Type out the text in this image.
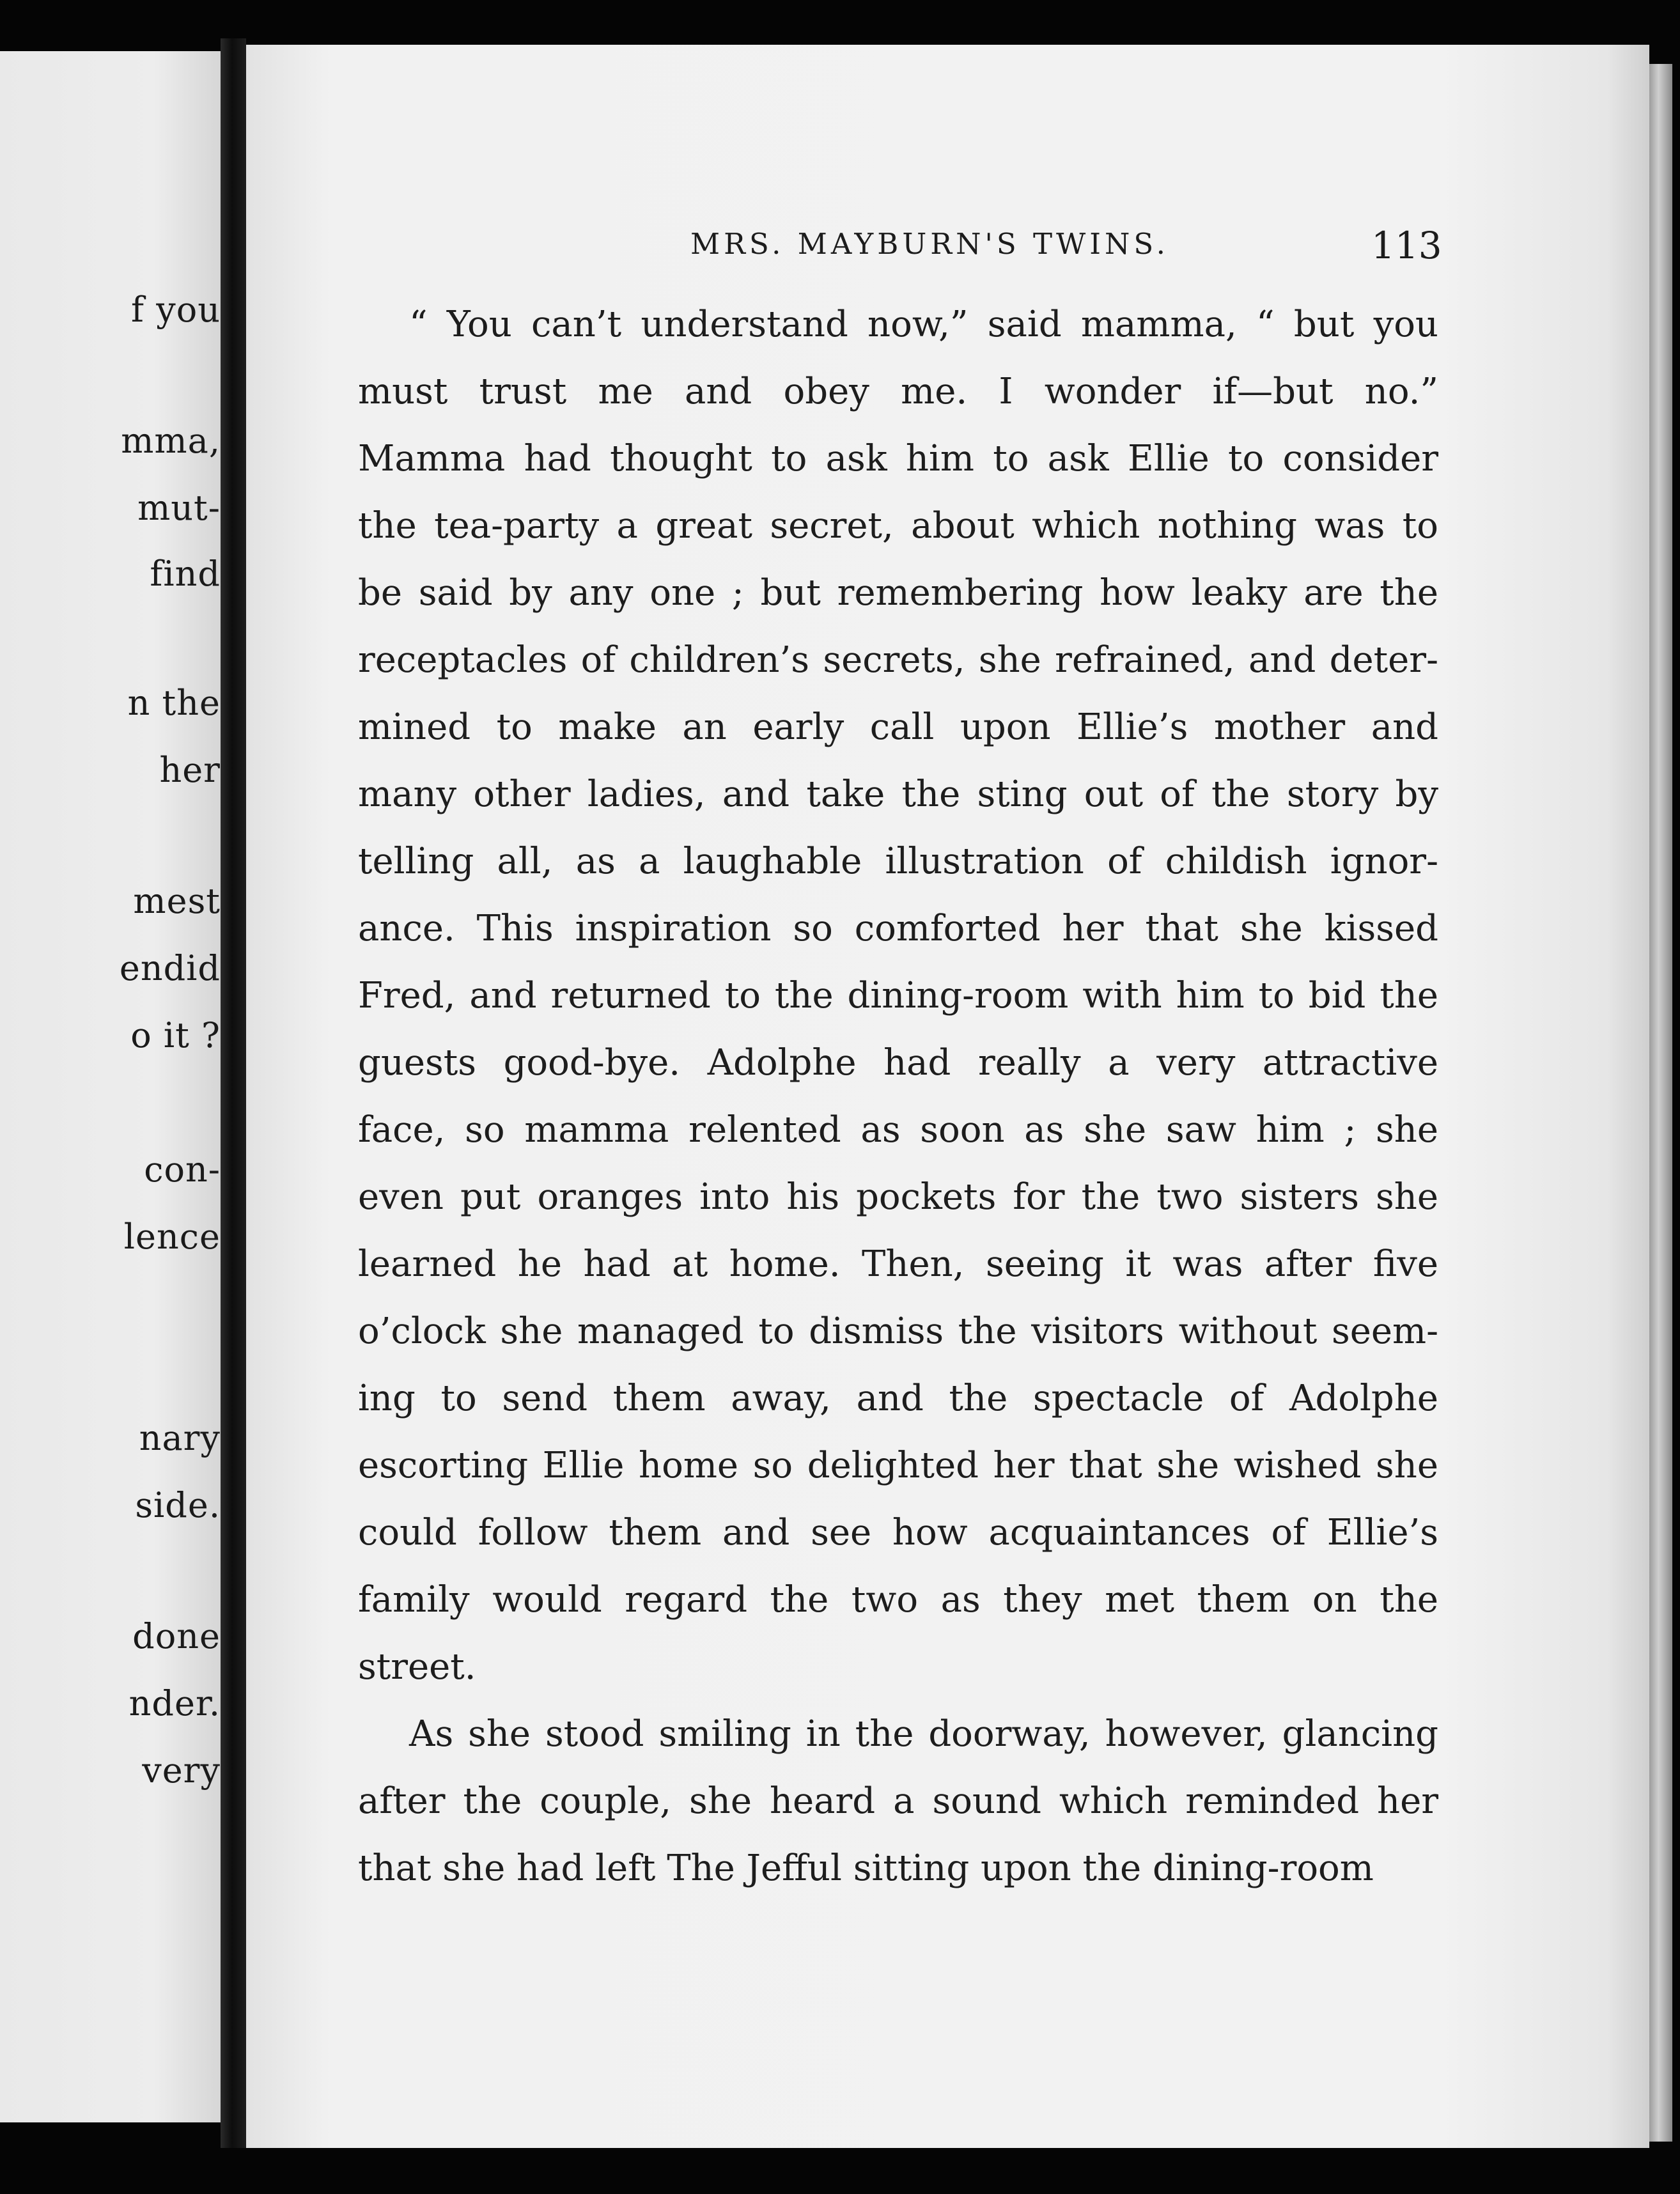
f you
mma,
mut-
find
n the
her
mest
endid
o it ?
con-
lence
nary
side.
done
nder.
very
MRS. MAYBURN'S TWINS.	113
“ You can’t understand now,” said mamma, “ but you
must trust me and obey me. I wonder if—but no.”
Mamma had thought to ask him to ask Ellie to consider
the tea-party a great secret, about which nothing was to
be said by any one ; but remembering how leaky are the
receptacles of children’s secrets, she refrained, and deter-
mined to make an early call upon Ellie’s mother and
many other ladies, and take the sting out of the story by
telling all, as a laughable illustration of childish ignor-
ance. This inspiration so comforted her that she kissed
Fred, and returned to the dining-room with him to bid the
guests good-bye. Adolphe had really a very attractive
face, so mamma relented as soon as she saw him ; she
even put oranges into his pockets for the two sisters she
learned he had at home. Then, seeing it was after five
o’clock she managed to dismiss the visitors without seem-
ing to send them away, and the spectacle of Adolphe
escorting Ellie home so delighted her that she wished she
could follow them and see how acquaintances of Ellie’s
family would regard the two as they met them on the
street.
As she stood smiling in the doorway, however, glancing
after the couple, she heard a sound which reminded her
that she had left The Jefful sitting upon the dining-room
